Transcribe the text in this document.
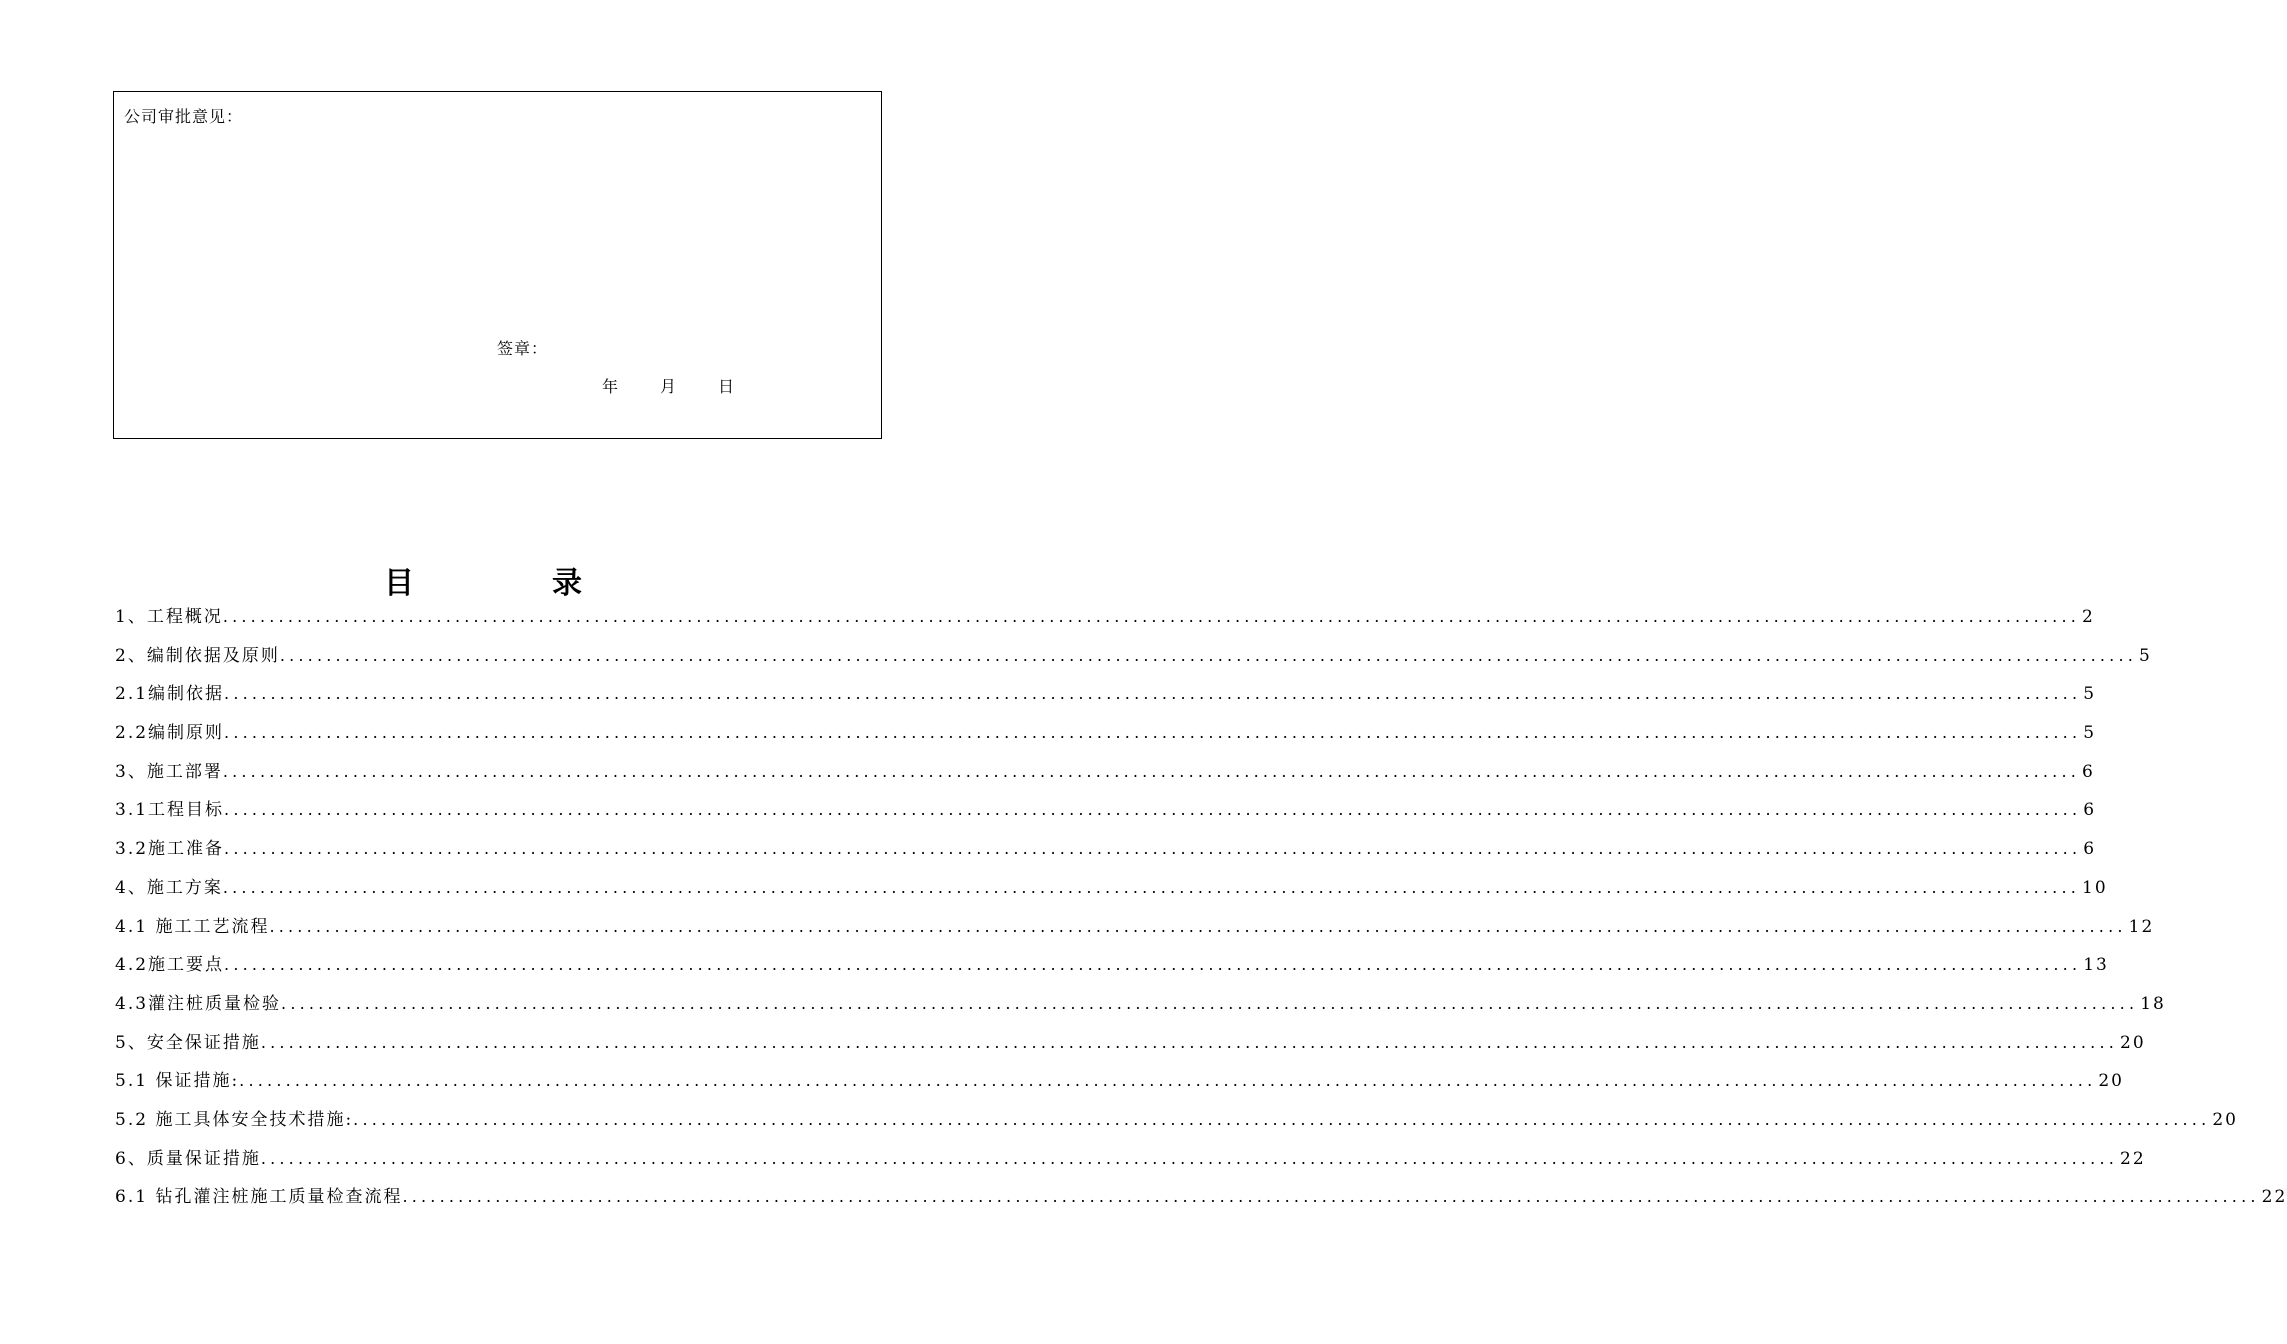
公司审批意见：
签章：
年	月	日
目	录
1、工程概况 ........................................................................................................................................................................................................ 2
2、编制依据及原则 ........................................................................................................................................................................................................ 5
2.1编制依据 ........................................................................................................................................................................................................ 5
2.2编制原则 ........................................................................................................................................................................................................ 5
3、施工部署 ........................................................................................................................................................................................................ 6
3.1工程目标 ........................................................................................................................................................................................................ 6
3.2施工准备 ........................................................................................................................................................................................................ 6
4、施工方案 ........................................................................................................................................................................................................ 10
4.1 施工工艺流程 ........................................................................................................................................................................................................ 12
4.2施工要点 ........................................................................................................................................................................................................ 13
4.3灌注桩质量检验 ........................................................................................................................................................................................................ 18
5、安全保证措施 ........................................................................................................................................................................................................ 20
5.1 保证措施: ........................................................................................................................................................................................................ 20
5.2 施工具体安全技术措施: ........................................................................................................................................................................................................ 20
6、质量保证措施 ........................................................................................................................................................................................................ 22
6.1 钻孔灌注桩施工质量检查流程 ........................................................................................................................................................................................................ 22
